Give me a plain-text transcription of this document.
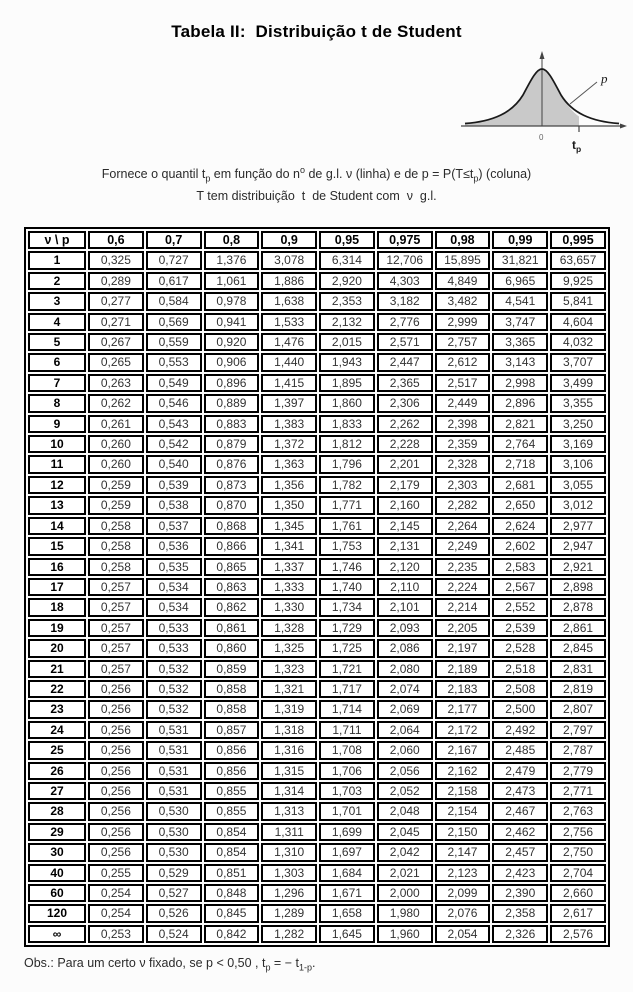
Tabela II:  Distribuição t de Student
p
0
$t_p$
Fornece o quantil $t_p$ em função do $n^o$ de g.l. ν (linha) e de $p = P(T\le t_p)$ (coluna)
T tem distribuição  t  de Student com  ν  g.l.
ν \ p	0,6	0,7	0,8	0,9	0,95	0,975	0,98	0,99	0,995
1	0,325	0,727	1,376	3,078	6,314	12,706	15,895	31,821	63,657
2	0,289	0,617	1,061	1,886	2,920	4,303	4,849	6,965	9,925
3	0,277	0,584	0,978	1,638	2,353	3,182	3,482	4,541	5,841
4	0,271	0,569	0,941	1,533	2,132	2,776	2,999	3,747	4,604
5	0,267	0,559	0,920	1,476	2,015	2,571	2,757	3,365	4,032
6	0,265	0,553	0,906	1,440	1,943	2,447	2,612	3,143	3,707
7	0,263	0,549	0,896	1,415	1,895	2,365	2,517	2,998	3,499
8	0,262	0,546	0,889	1,397	1,860	2,306	2,449	2,896	3,355
9	0,261	0,543	0,883	1,383	1,833	2,262	2,398	2,821	3,250
10	0,260	0,542	0,879	1,372	1,812	2,228	2,359	2,764	3,169
11	0,260	0,540	0,876	1,363	1,796	2,201	2,328	2,718	3,106
12	0,259	0,539	0,873	1,356	1,782	2,179	2,303	2,681	3,055
13	0,259	0,538	0,870	1,350	1,771	2,160	2,282	2,650	3,012
14	0,258	0,537	0,868	1,345	1,761	2,145	2,264	2,624	2,977
15	0,258	0,536	0,866	1,341	1,753	2,131	2,249	2,602	2,947
16	0,258	0,535	0,865	1,337	1,746	2,120	2,235	2,583	2,921
17	0,257	0,534	0,863	1,333	1,740	2,110	2,224	2,567	2,898
18	0,257	0,534	0,862	1,330	1,734	2,101	2,214	2,552	2,878
19	0,257	0,533	0,861	1,328	1,729	2,093	2,205	2,539	2,861
20	0,257	0,533	0,860	1,325	1,725	2,086	2,197	2,528	2,845
21	0,257	0,532	0,859	1,323	1,721	2,080	2,189	2,518	2,831
22	0,256	0,532	0,858	1,321	1,717	2,074	2,183	2,508	2,819
23	0,256	0,532	0,858	1,319	1,714	2,069	2,177	2,500	2,807
24	0,256	0,531	0,857	1,318	1,711	2,064	2,172	2,492	2,797
25	0,256	0,531	0,856	1,316	1,708	2,060	2,167	2,485	2,787
26	0,256	0,531	0,856	1,315	1,706	2,056	2,162	2,479	2,779
27	0,256	0,531	0,855	1,314	1,703	2,052	2,158	2,473	2,771
28	0,256	0,530	0,855	1,313	1,701	2,048	2,154	2,467	2,763
29	0,256	0,530	0,854	1,311	1,699	2,045	2,150	2,462	2,756
30	0,256	0,530	0,854	1,310	1,697	2,042	2,147	2,457	2,750
40	0,255	0,529	0,851	1,303	1,684	2,021	2,123	2,423	2,704
60	0,254	0,527	0,848	1,296	1,671	2,000	2,099	2,390	2,660
120	0,254	0,526	0,845	1,289	1,658	1,980	2,076	2,358	2,617
∞	0,253	0,524	0,842	1,282	1,645	1,960	2,054	2,326	2,576
Obs.: Para um certo ν fixado, se p < 0,50 , $t_p$ = − $t_{1-p}$.
